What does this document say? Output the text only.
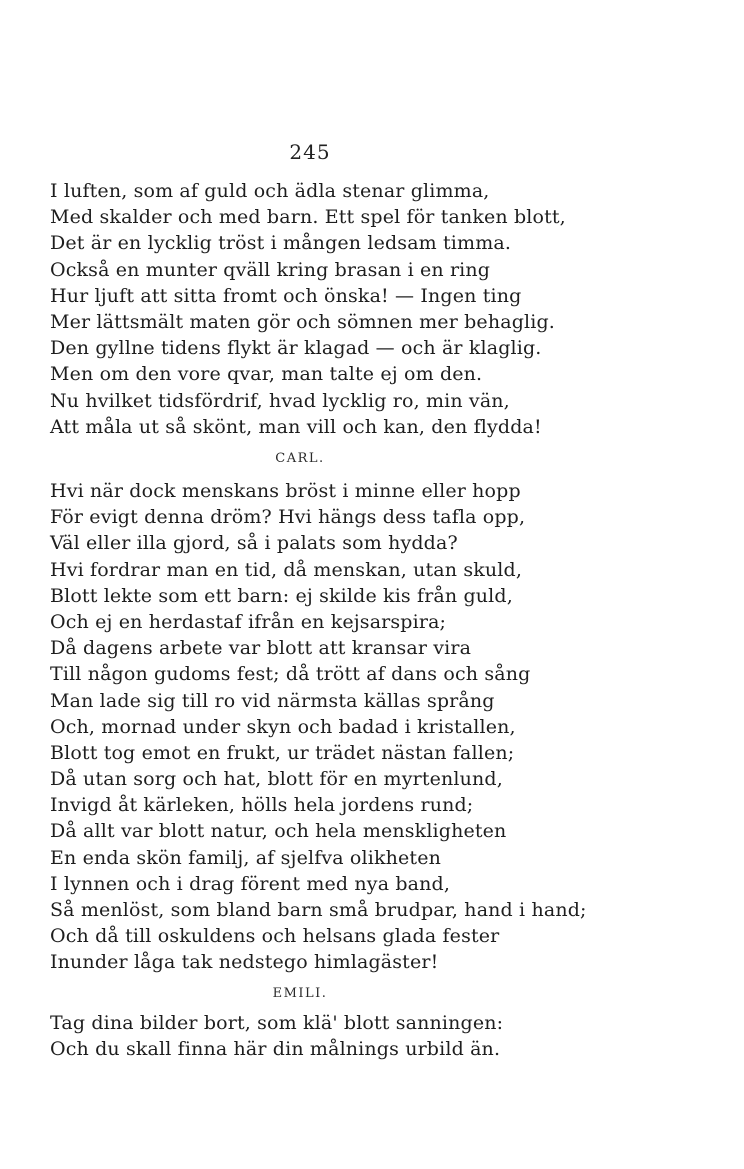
245
I luften, som af guld och ädla stenar glimma,
Med skalder och med barn. Ett spel för tanken blott,
Det är en lycklig tröst i mången ledsam timma.
Också en munter qväll kring brasan i en ring
Hur ljuft att sitta fromt och önska! — Ingen ting
Mer lättsmält maten gör och sömnen mer behaglig.
Den gyllne tidens flykt är klagad — och är klaglig.
Men om den vore qvar, man talte ej om den.
Nu hvilket tidsfördrif, hvad lycklig ro, min vän,
Att måla ut så skönt, man vill och kan, den flydda!
CARL.
Hvi när dock menskans bröst i minne eller hopp
För evigt denna dröm? Hvi hängs dess tafla opp,
Väl eller illa gjord, så i palats som hydda?
Hvi fordrar man en tid, då menskan, utan skuld,
Blott lekte som ett barn: ej skilde kis från guld,
Och ej en herdastaf ifrån en kejsarspira;
Då dagens arbete var blott att kransar vira
Till någon gudoms fest; då trött af dans och sång
Man lade sig till ro vid närmsta källas språng
Och, mornad under skyn och badad i kristallen,
Blott tog emot en frukt, ur trädet nästan fallen;
Då utan sorg och hat, blott för en myrtenlund,
Invigd åt kärleken, hölls hela jordens rund;
Då allt var blott natur, och hela menskligheten
En enda skön familj, af sjelfva olikheten
I lynnen och i drag förent med nya band,
Så menlöst, som bland barn små brudpar, hand i hand;
Och då till oskuldens och helsans glada fester
Inunder låga tak nedstego himlagäster!
EMILI.
Tag dina bilder bort, som klä' blott sanningen:
Och du skall finna här din målnings urbild än.
